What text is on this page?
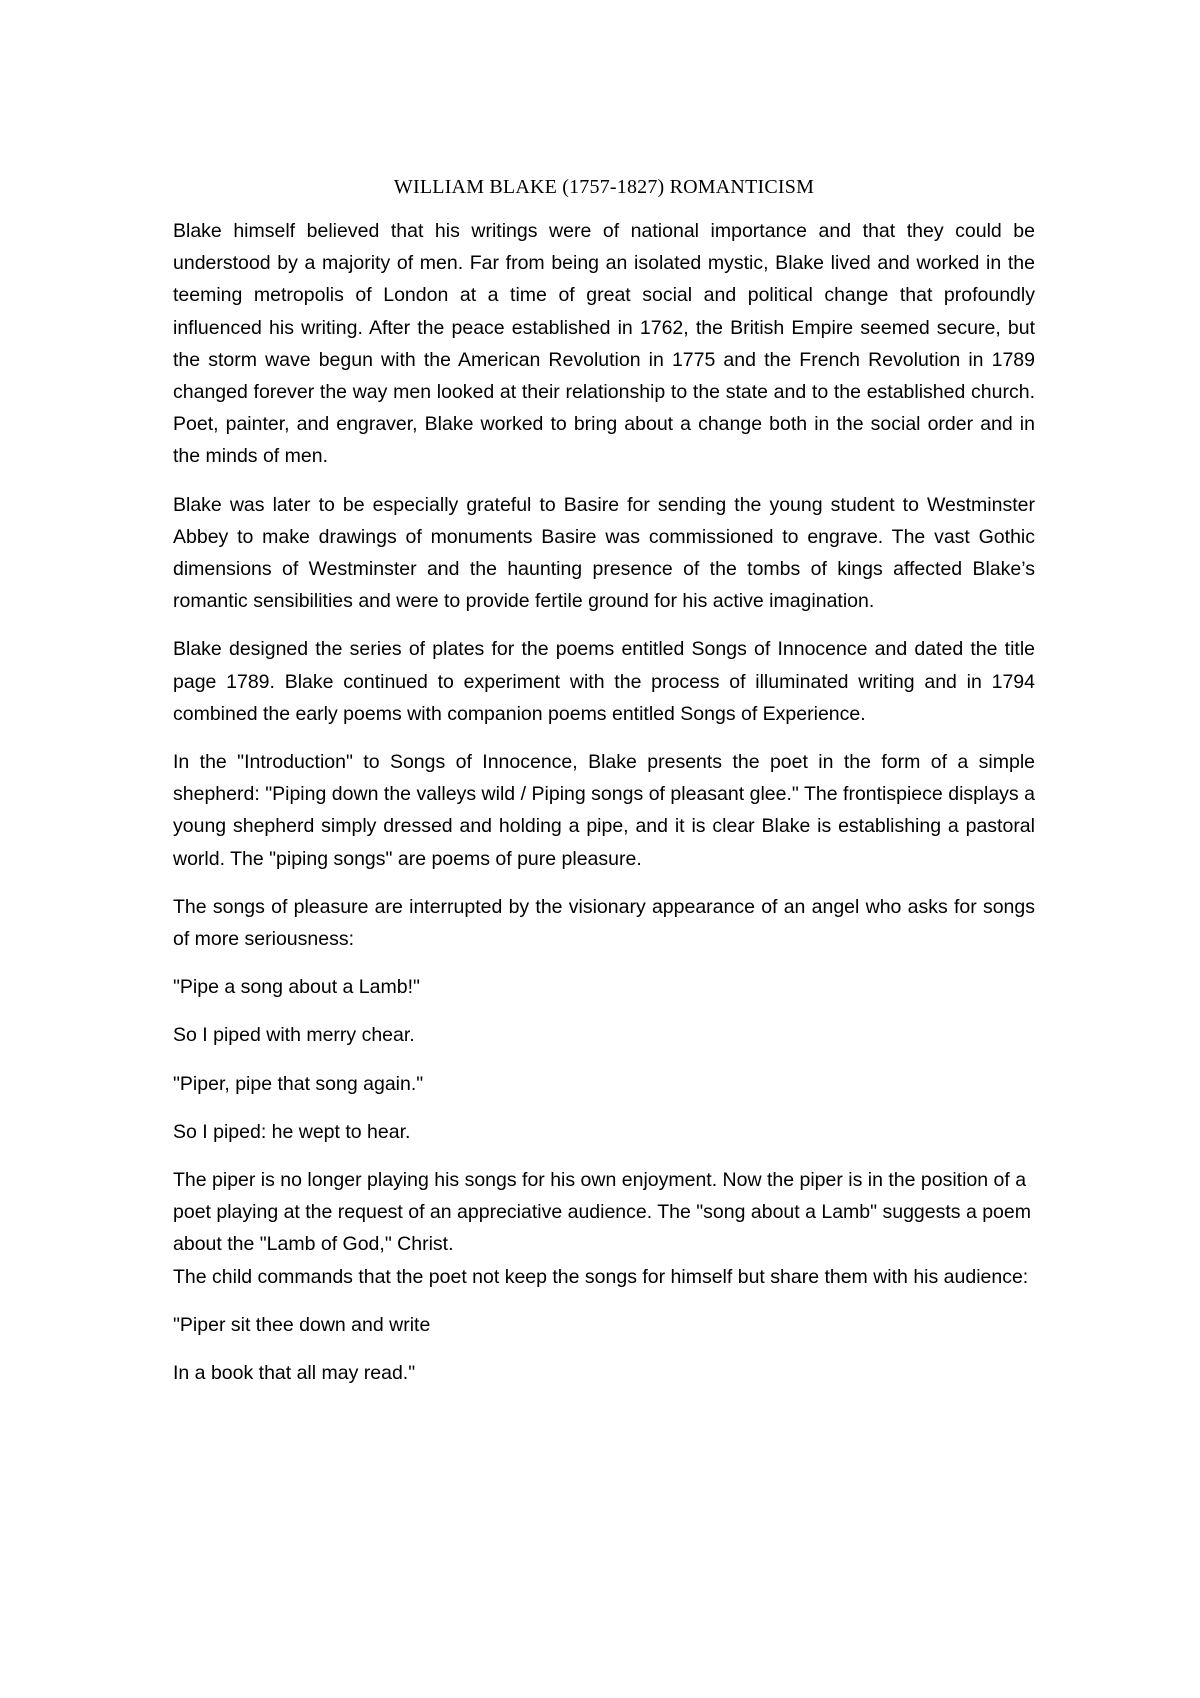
WILLIAM BLAKE (1757-1827) ROMANTICISM

Blake himself believed that his writings were of national importance and that they could be understood by a majority of men. Far from being an isolated mystic, Blake lived and worked in the teeming metropolis of London at a time of great social and political change that profoundly influenced his writing. After the peace established in 1762, the British Empire seemed secure, but the storm wave begun with the American Revolution in 1775 and the French Revolution in 1789 changed forever the way men looked at their relationship to the state and to the established church. Poet, painter, and engraver, Blake worked to bring about a change both in the social order and in the minds of men.

Blake was later to be especially grateful to Basire for sending the young student to Westminster Abbey to make drawings of monuments Basire was commissioned to engrave. The vast Gothic dimensions of Westminster and the haunting presence of the tombs of kings affected Blake’s romantic sensibilities and were to provide fertile ground for his active imagination.

Blake designed the series of plates for the poems entitled Songs of Innocence and dated the title page 1789. Blake continued to experiment with the process of illuminated writing and in 1794 combined the early poems with companion poems entitled Songs of Experience.

In the "Introduction" to Songs of Innocence, Blake presents the poet in the form of a simple shepherd: "Piping down the valleys wild / Piping songs of pleasant glee." The frontispiece displays a young shepherd simply dressed and holding a pipe, and it is clear Blake is establishing a pastoral world. The "piping songs" are poems of pure pleasure.

The songs of pleasure are interrupted by the visionary appearance of an angel who asks for songs of more seriousness:

"Pipe a song about a Lamb!"

So I piped with merry chear.

"Piper, pipe that song again."

So I piped: he wept to hear.

The piper is no longer playing his songs for his own enjoyment. Now the piper is in the position of a poet playing at the request of an appreciative audience. The "song about a Lamb" suggests a poem about the "Lamb of God," Christ.

The child commands that the poet not keep the songs for himself but share them with his audience:

"Piper sit thee down and write

In a book that all may read."
